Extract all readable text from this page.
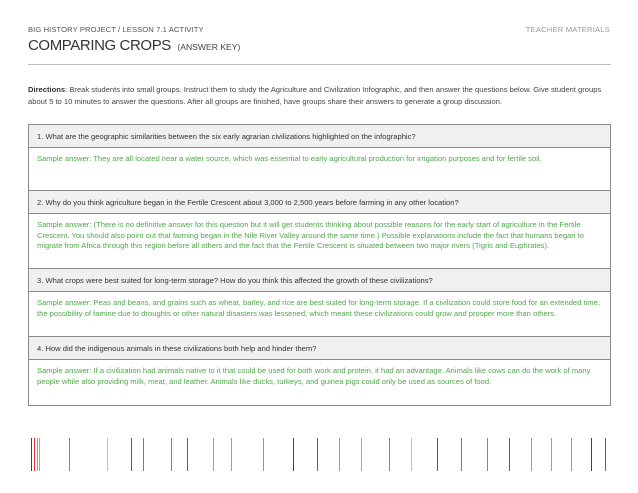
BIG HISTORY PROJECT / LESSON 7.1 ACTIVITY	TEACHER MATERIALS
COMPARING CROPS (ANSWER KEY)
Directions: Break students into small groups. Instruct them to study the Agriculture and Civilization Infographic, and then answer the questions below. Give student groups about 5 to 10 minutes to answer the questions. After all groups are finished, have groups share their answers to generate a group discussion.
1. What are the geographic similarities between the six early agrarian civilizations highlighted on the infographic?
Sample answer: They are all located near a water source, which was essential to early agricultural production for irrigation purposes and for fertile soil.
2. Why do you think agriculture began in the Fertile Crescent about 3,000 to 2,500 years before farming in any other location?
Sample answer: (There is no definitive answer for this question but it will get students thinking about possible reasons for the early start of agriculture in the Fertile Crescent. You should also point out that farming began in the Nile River Valley around the same time.) Possible explanations include the fact that humans began to migrate from Africa through this region before all others and the fact that the Fertile Crescent is situated between two major rivers (Tigris and Euphrates).
3. What crops were best suited for long-term storage? How do you think this affected the growth of these civilizations?
Sample answer: Peas and beans, and grains such as wheat, barley, and rice are best suited for long-term storage. If a civilization could store food for an extended time, the possibility of famine due to droughts or other natural disasters was lessened, which meant these civilizations could grow and prosper more than others.
4. How did the indigenous animals in these civilizations both help and hinder them?
Sample answer: If a civilization had animals native to it that could be used for both work and protein, it had an advantage. Animals like cows can do the work of many people while also providing milk, meat, and leather. Animals like ducks, turkeys, and guinea pigs could only be used as sources of food.
